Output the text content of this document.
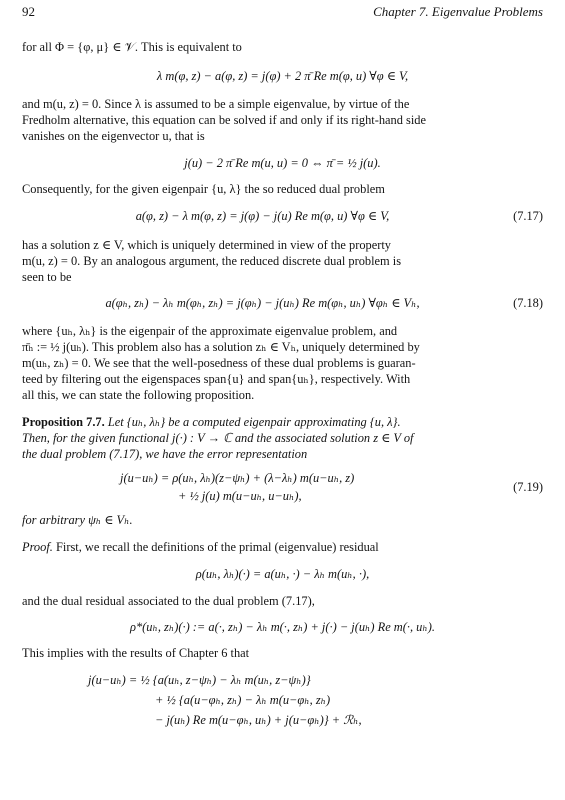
92	Chapter 7. Eigenvalue Problems
for all Φ = {φ, μ} ∈ 𝒱. This is equivalent to
λ m(φ, z) − a(φ, z) = j(φ) + 2 π̄ Re m(φ, u) ∀φ ∈ V,
and m(u, z) = 0. Since λ is assumed to be a simple eigenvalue, by virtue of the
Fredholm alternative, this equation can be solved if and only if its right-hand side
vanishes on the eigenvector u, that is
j(u) − 2 π̄ Re m(u, u) = 0 ⇔ π̄ = ½ j(u).
Consequently, for the given eigenpair {u, λ} the so reduced dual problem
a(φ, z) − λ m(φ, z) = j(φ) − j(u) Re m(φ, u) ∀φ ∈ V,	(7.17)
has a solution z ∈ V, which is uniquely determined in view of the property
m(u, z) = 0. By an analogous argument, the reduced discrete dual problem is
seen to be
a(φₕ, zₕ) − λₕ m(φₕ, zₕ) = j(φₕ) − j(uₕ) Re m(φₕ, uₕ) ∀φₕ ∈ Vₕ,	(7.18)
where {uₕ, λₕ} is the eigenpair of the approximate eigenvalue problem, and
π̄ₕ := ½ j(uₕ). This problem also has a solution zₕ ∈ Vₕ, uniquely determined by
m(uₕ, zₕ) = 0. We see that the well-posedness of these dual problems is guaran-
teed by filtering out the eigenspaces span{u} and span{uₕ}, respectively. With
all this, we can state the following proposition.
Proposition 7.7. Let {uₕ, λₕ} be a computed eigenpair approximating {u, λ}.
Then, for the given functional j(·) : V → ℂ and the associated solution z ∈ V of
the dual problem (7.17), we have the error representation
j(u−uₕ) = ρ(uₕ, λₕ)(z−ψₕ) + (λ−λₕ) m(u−uₕ, z)
+ ½ j(u) m(u−uₕ, u−uₕ),
(7.19)
for arbitrary ψₕ ∈ Vₕ.
Proof. First, we recall the definitions of the primal (eigenvalue) residual
ρ(uₕ, λₕ)(·) = a(uₕ, ·) − λₕ m(uₕ, ·),
and the dual residual associated to the dual problem (7.17),
ρ*(uₕ, zₕ)(·) := a(·, zₕ) − λₕ m(·, zₕ) + j(·) − j(uₕ) Re m(·, uₕ).
This implies with the results of Chapter 6 that
j(u−uₕ) = ½ {a(uₕ, z−ψₕ) − λₕ m(uₕ, z−ψₕ)}
+ ½ {a(u−φₕ, zₕ) − λₕ m(u−φₕ, zₕ)
− j(uₕ) Re m(u−φₕ, uₕ) + j(u−φₕ)} + ℛₕ,
